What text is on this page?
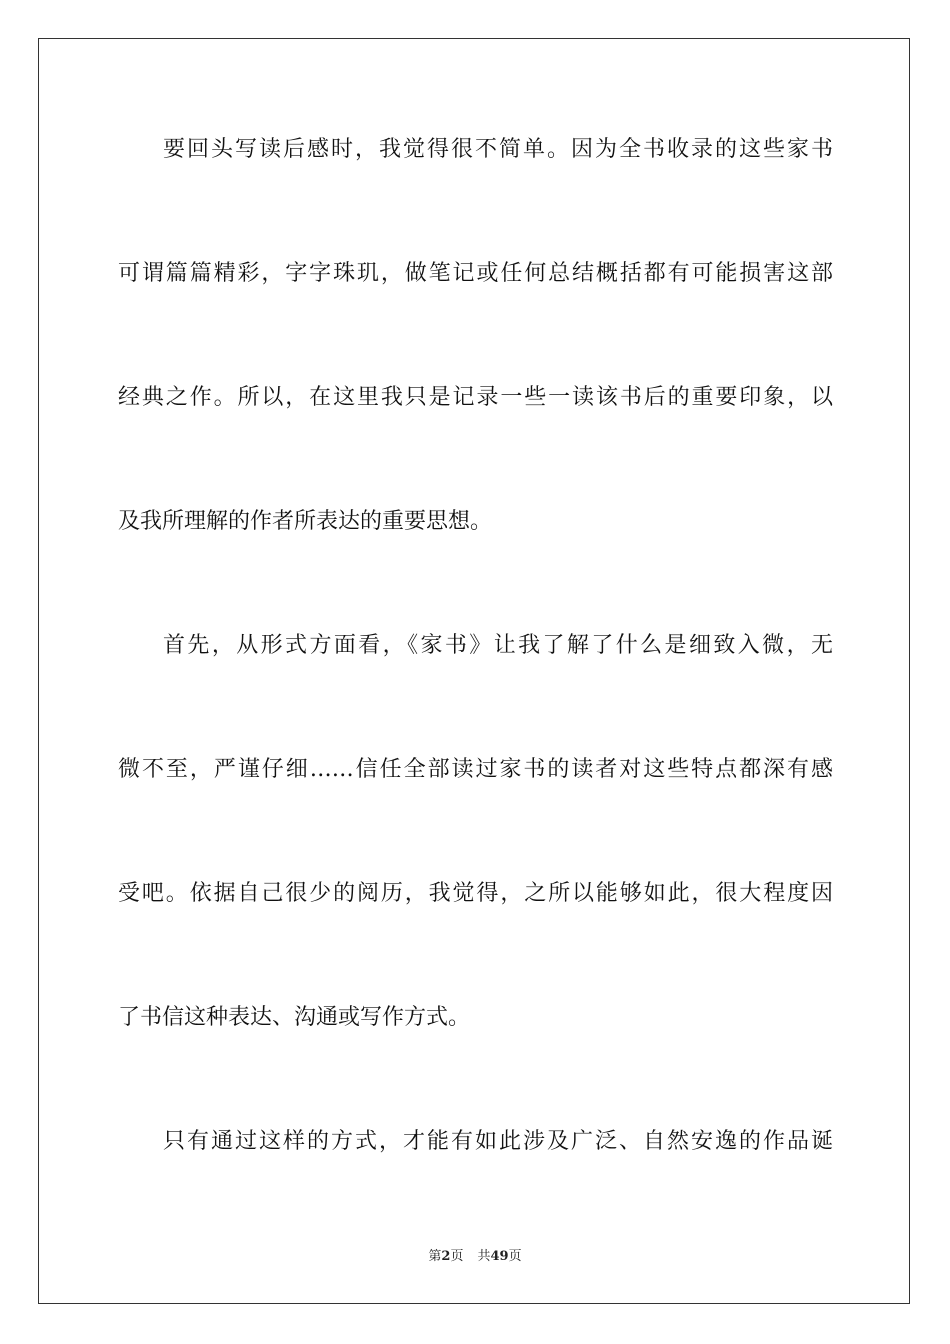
要回头写读后感时，我觉得很不简单。因为全书收录的这些家书
可谓篇篇精彩，字字珠玑，做笔记或任何总结概括都有可能损害这部
经典之作。所以，在这里我只是记录一些一读该书后的重要印象，以
及我所理解的作者所表达的重要思想。
首先，从形式方面看，《家书》让我了解了什么是细致入微，无
微不至，严谨仔细……信任全部读过家书的读者对这些特点都深有感
受吧。依据自己很少的阅历，我觉得，之所以能够如此，很大程度因
了书信这种表达、沟通或写作方式。
只有通过这样的方式，才能有如此涉及广泛、自然安逸的作品诞
第2页 共49页
